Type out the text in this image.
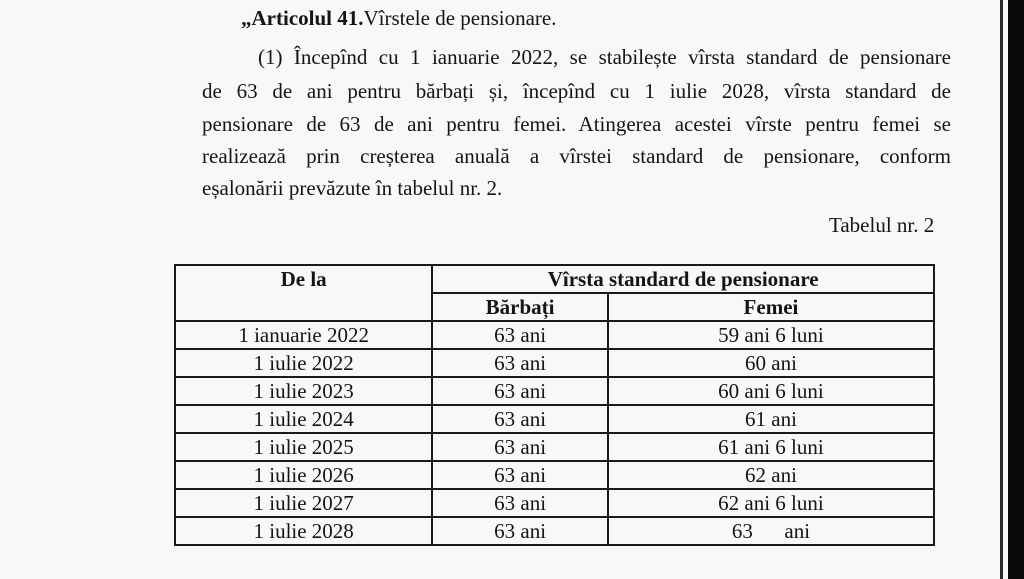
„Articolul 41.Vîrstele de pensionare.
(1) Începînd cu 1 ianuarie 2022, se stabilește vîrsta standard de pensionare
de 63 de ani pentru bărbați și, începînd cu 1 iulie 2028, vîrsta standard de
pensionare de 63 de ani pentru femei. Atingerea acestei vîrste pentru femei se
realizează prin creșterea anuală a vîrstei standard de pensionare, conform
eșalonării prevăzute în tabelul nr. 2.
Tabelul nr. 2
De la	Vîrsta standard de pensionare	
	Bărbați	Femei
1 ianuarie 2022	63 ani	59 ani 6 luni
1 iulie 2022	63 ani	60 ani
1 iulie 2023	63 ani	60 ani 6 luni
1 iulie 2024	63 ani	61 ani
1 iulie 2025	63 ani	61 ani 6 luni
1 iulie 2026	63 ani	62 ani
1 iulie 2027	63 ani	62 ani 6 luni
1 iulie 2028	63 ani	63      ani
